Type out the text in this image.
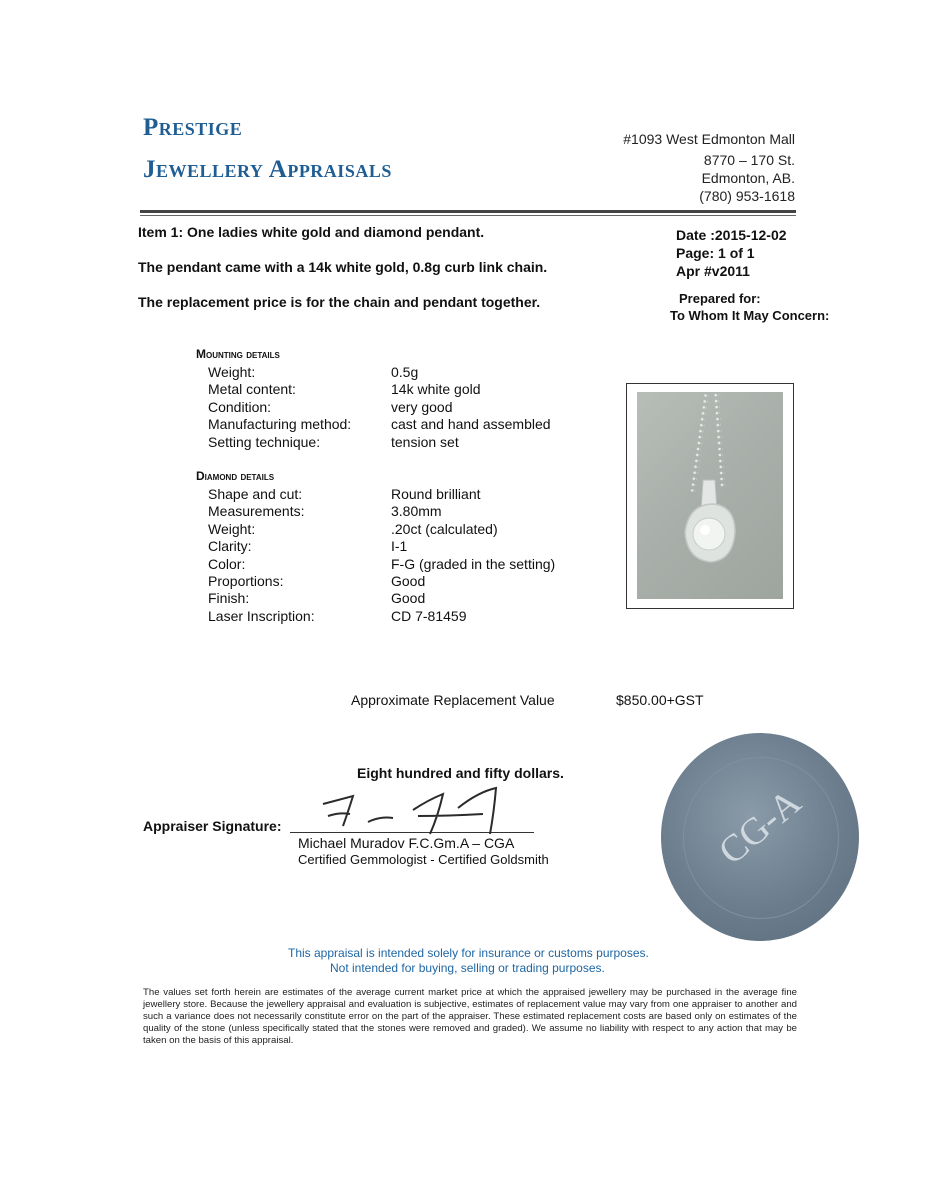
Prestige
Jewellery Appraisals
#1093 West Edmonton Mall
8770 – 170 St.
Edmonton, AB.
(780) 953-1618
Item 1: One ladies white gold and diamond pendant.
The pendant came with a 14k white gold, 0.8g curb link chain.
The replacement price is for the chain and pendant together.
Date :2015-12-02
Page: 1 of 1
Apr #v2011
Prepared for:
To Whom It May Concern:
Mounting details
Weight:
Metal content:
Condition:
Manufacturing method:
Setting technique:
0.5g
14k white gold
very good
cast and hand assembled
tension set
Diamond details
Shape and cut:
Measurements:
Weight:
Clarity:
Color:
Proportions:
Finish:
Laser Inscription:
Round brilliant
3.80mm
.20ct (calculated)
I-1
F-G (graded in the setting)
Good
Good
CD 7-81459
Approximate Replacement Value	$850.00+GST
Eight hundred and fifty dollars.
Appraiser Signature:
Michael Muradov F.C.Gm.A – CGA
Certified Gemmologist - Certified Goldsmith	CG-A
This appraisal is intended solely for insurance or customs purposes.
Not intended for buying, selling or trading purposes.
The values set forth herein are estimates of the average current market price at which the appraised jewellery may be purchased in the average fine jewellery store. Because the jewellery appraisal and evaluation is subjective, estimates of replacement value may vary from one appraiser to another and such a variance does not necessarily constitute error on the part of the appraiser. These estimated replacement costs are based only on estimates of the quality of the stone (unless specifically stated that the stones were removed and graded). We assume no liability with respect to any action that may be taken on the basis of this appraisal.
